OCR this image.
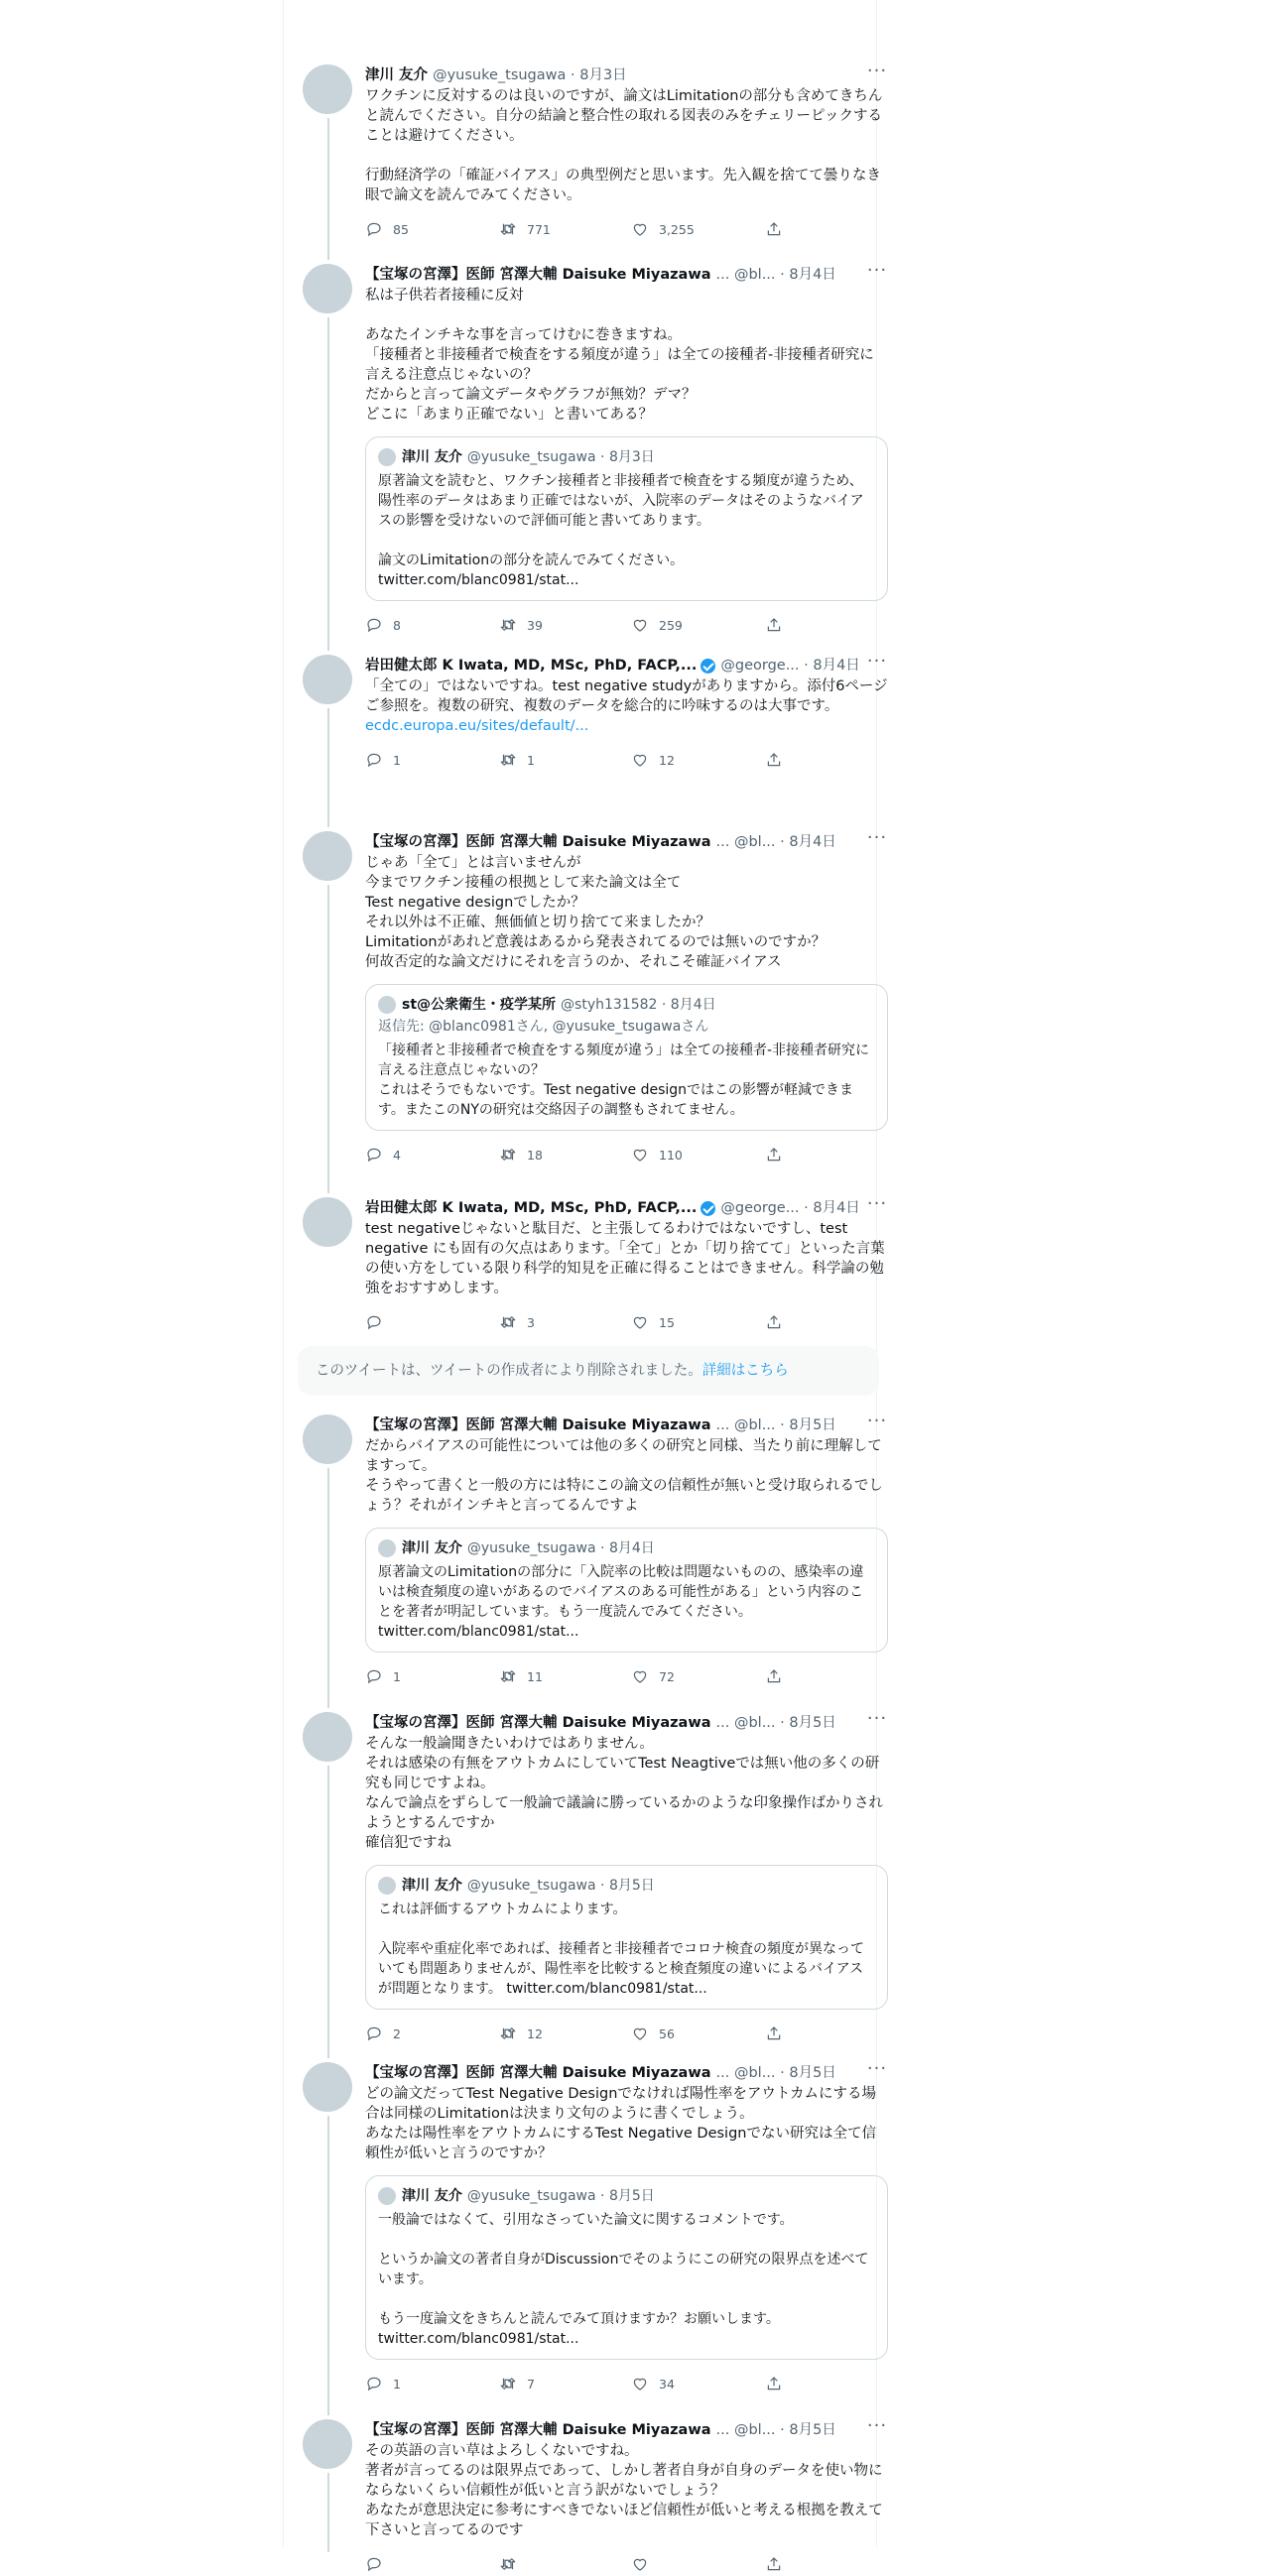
津川 友介 @yusuke_tsugawa · 8月3日	···
ワクチンに反対するのは良いのですが、論文はLimitationの部分も含めてきちんと読んでください。自分の結論と整合性の取れる図表のみをチェリーピックすることは避けてください。

行動経済学の「確証バイアス」の典型例だと思います。先入観を捨てて曇りなき眼で論文を読んでみてください。
85	771	3,255
【宝塚の宮澤】医師 宮澤大輔 Daisuke Miyazawa ... @bl... · 8月4日 ···
私は子供若者接種に反対

あなたインチキな事を言ってけむに巻きますね。
「接種者と非接種者で検査をする頻度が違う」は全ての接種者-非接種者研究に言える注意点じゃないの？
だからと言って論文データやグラフが無効？デマ？
どこに「あまり正確でない」と書いてある？
津川 友介 @yusuke_tsugawa · 8月3日
原著論文を読むと、ワクチン接種者と非接種者で検査をする頻度が違うため、陽性率のデータはあまり正確ではないが、入院率のデータはそのようなバイアスの影響を受けないので評価可能と書いてあります。

論文のLimitationの部分を読んでみてください。
twitter.com/blanc0981/stat...
8	39	259
岩田健太郎 K Iwata, MD, MSc, PhD, FACP,... @george... · 8月4日 ···
「全ての」ではないですね。test negative studyがありますから。添付6ページご参照を。複数の研究、複数のデータを総合的に吟味するのは大事です。

ecdc.europa.eu/sites/default/...
1	1	12
【宝塚の宮澤】医師 宮澤大輔 Daisuke Miyazawa ... @bl... · 8月4日 ···
じゃあ「全て」とは言いませんが
今までワクチン接種の根拠として来た論文は全て
Test negative designでしたか？
それ以外は不正確、無価値と切り捨てて来ましたか？
Limitationがあれど意義はあるから発表されてるのでは無いのですか？
何故否定的な論文だけにそれを言うのか、それこそ確証バイアス
st@公衆衛生・疫学某所 @styh131582 · 8月4日
返信先: @blanc0981さん, @yusuke_tsugawaさん
「接種者と非接種者で検査をする頻度が違う」は全ての接種者-非接種者研究に言える注意点じゃないの？
これはそうでもないです。Test negative designではこの影響が軽減できます。またこのNYの研究は交絡因子の調整もされてません。
4	18	110
岩田健太郎 K Iwata, MD, MSc, PhD, FACP,... @george... · 8月4日 ···
test negativeじゃないと駄目だ、と主張してるわけではないですし、test negative にも固有の欠点はあります。「全て」とか「切り捨てて」といった言葉の使い方をしている限り科学的知見を正確に得ることはできません。科学論の勉強をおすすめします。
3	15
【宝塚の宮澤】医師 宮澤大輔 Daisuke Miyazawa ... @bl... · 8月5日 ···
だからバイアスの可能性については他の多くの研究と同様、当たり前に理解してますって。
そうやって書くと一般の方には特にこの論文の信頼性が無いと受け取られるでしょう？それがインチキと言ってるんですよ
津川 友介 @yusuke_tsugawa · 8月4日
原著論文のLimitationの部分に「入院率の比較は問題ないものの、感染率の違いは検査頻度の違いがあるのでバイアスのある可能性がある」という内容のことを著者が明記しています。もう一度読んでみてください。 twitter.com/blanc0981/stat...
1	11	72
【宝塚の宮澤】医師 宮澤大輔 Daisuke Miyazawa ... @bl... · 8月5日 ···
そんな一般論聞きたいわけではありません。
それは感染の有無をアウトカムにしていてTest Neagtiveでは無い他の多くの研究も同じですよね。
なんで論点をずらして一般論で議論に勝っているかのような印象操作ばかりされようとするんですか
確信犯ですね
津川 友介 @yusuke_tsugawa · 8月5日
これは評価するアウトカムによります。

入院率や重症化率であれば、接種者と非接種者でコロナ検査の頻度が異なっていても問題ありませんが、陽性率を比較すると検査頻度の違いによるバイアスが問題となります。 twitter.com/blanc0981/stat...
2	12	56
【宝塚の宮澤】医師 宮澤大輔 Daisuke Miyazawa ... @bl... · 8月5日 ···
どの論文だってTest Negative Designでなければ陽性率をアウトカムにする場合は同様のLimitationは決まり文句のように書くでしょう。
あなたは陽性率をアウトカムにするTest Negative Designでない研究は全て信頼性が低いと言うのですか？
津川 友介 @yusuke_tsugawa · 8月5日
一般論ではなくて、引用なさっていた論文に関するコメントです。

というか論文の著者自身がDiscussionでそのようにこの研究の限界点を述べています。

もう一度論文をきちんと読んでみて頂けますか？お願いします。
twitter.com/blanc0981/stat...
1	7	34
【宝塚の宮澤】医師 宮澤大輔 Daisuke Miyazawa ... @bl... · 8月5日 ···
その英語の言い草はよろしくないですね。
著者が言ってるのは限界点であって、しかし著者自身が自身のデータを使い物にならないくらい信頼性が低いと言う訳がないでしょう？
あなたが意思決定に参考にすべきでないほど信頼性が低いと考える根拠を教えて下さいと言ってるのです
このツイートは、ツイートの作成者により削除されました。詳細はこちら
